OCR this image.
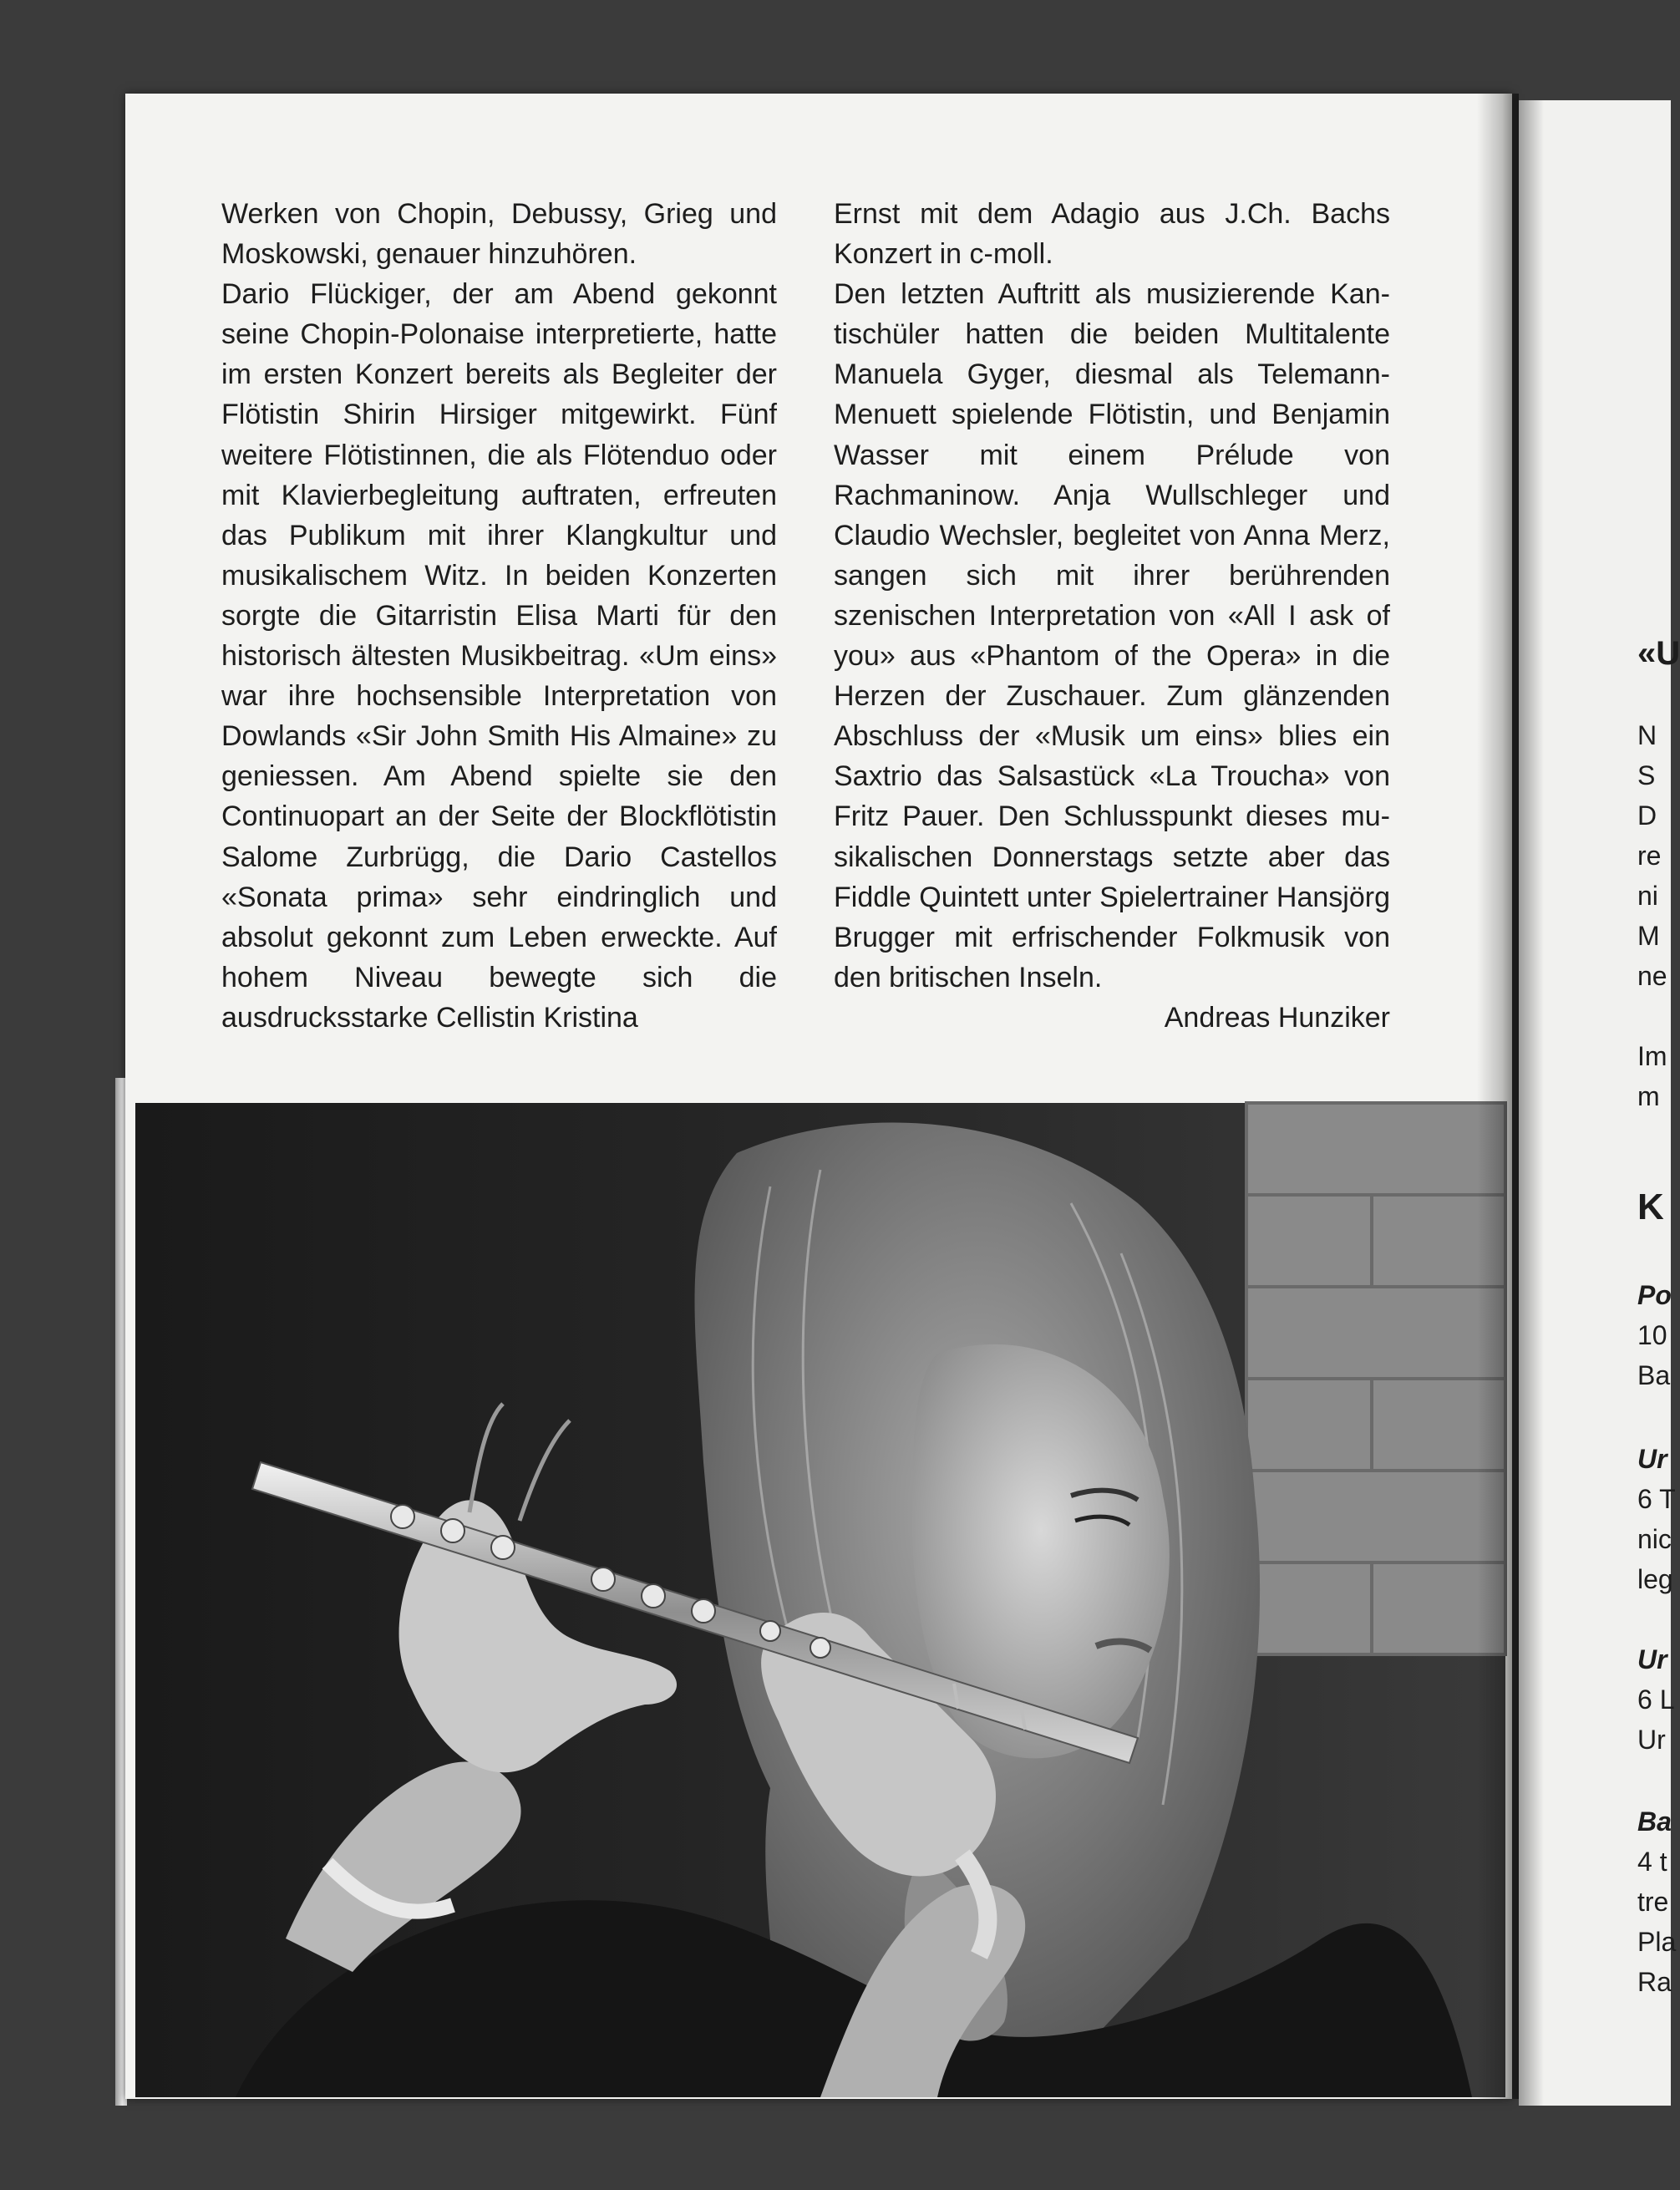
Werken von Chopin, Debussy, Grieg und Moskowski, genauer hinzuhören.

Dario Flückiger, der am Abend gekonnt seine Chopin-Polonaise interpretierte, hatte im ersten Konzert bereits als Begleiter der Flötistin Shirin Hirsiger mitgewirkt. Fünf weitere Flötistinnen, die als Flötenduo oder mit Klavierbegleitung auftraten, erfreuten das Publikum mit ihrer Klangkultur und musikalischem Witz. In beiden Konzerten sorgte die Gitarristin Elisa Marti für den historisch ältesten Musikbeitrag. «Um eins» war ihre hochsensible Interpretation von Dowlands «Sir John Smith His Almaine» zu geniessen. Am Abend spielte sie den Continuopart an der Seite der Blockflötistin Salome Zurbrügg, die Dario Castellos «Sonata prima» sehr eindringlich und absolut gekonnt zum Leben erweckte. Auf hohem Niveau bewegte sich die ausdrucksstarke Cellistin Kristina

Ernst mit dem Adagio aus J.Ch. Bachs Konzert in c-moll.

Den letzten Auftritt als musizierende Kantischüler hatten die beiden Multitalente Manuela Gyger, diesmal als Telemann-Menuett spielende Flötistin, und Benjamin Wasser mit einem Prélude von Rachmaninow. Anja Wullschleger und Claudio Wechsler, begleitet von Anna Merz, sangen sich mit ihrer berührenden szenischen Interpretation von «All I ask of you» aus «Phantom of the Opera» in die Herzen der Zuschauer. Zum glänzenden Abschluss der «Musik um eins» blies ein Saxtrio das Salsastück «La Troucha» von Fritz Pauer. Den Schlusspunkt dieses musikalischen Donnerstags setzte aber das Fiddle Quintett unter Spielertrainer Hansjörg Brugger mit erfrischender Folkmusik von den britischen Inseln.

Andreas Hunziker

«U
N
S
D
re
ni
M
ne
Im
m
K
Po
10
Ba
Ur
6 T
nic
leg
Ur
6 L
Ur
Ba
4 t
tre
Pla
Ra
